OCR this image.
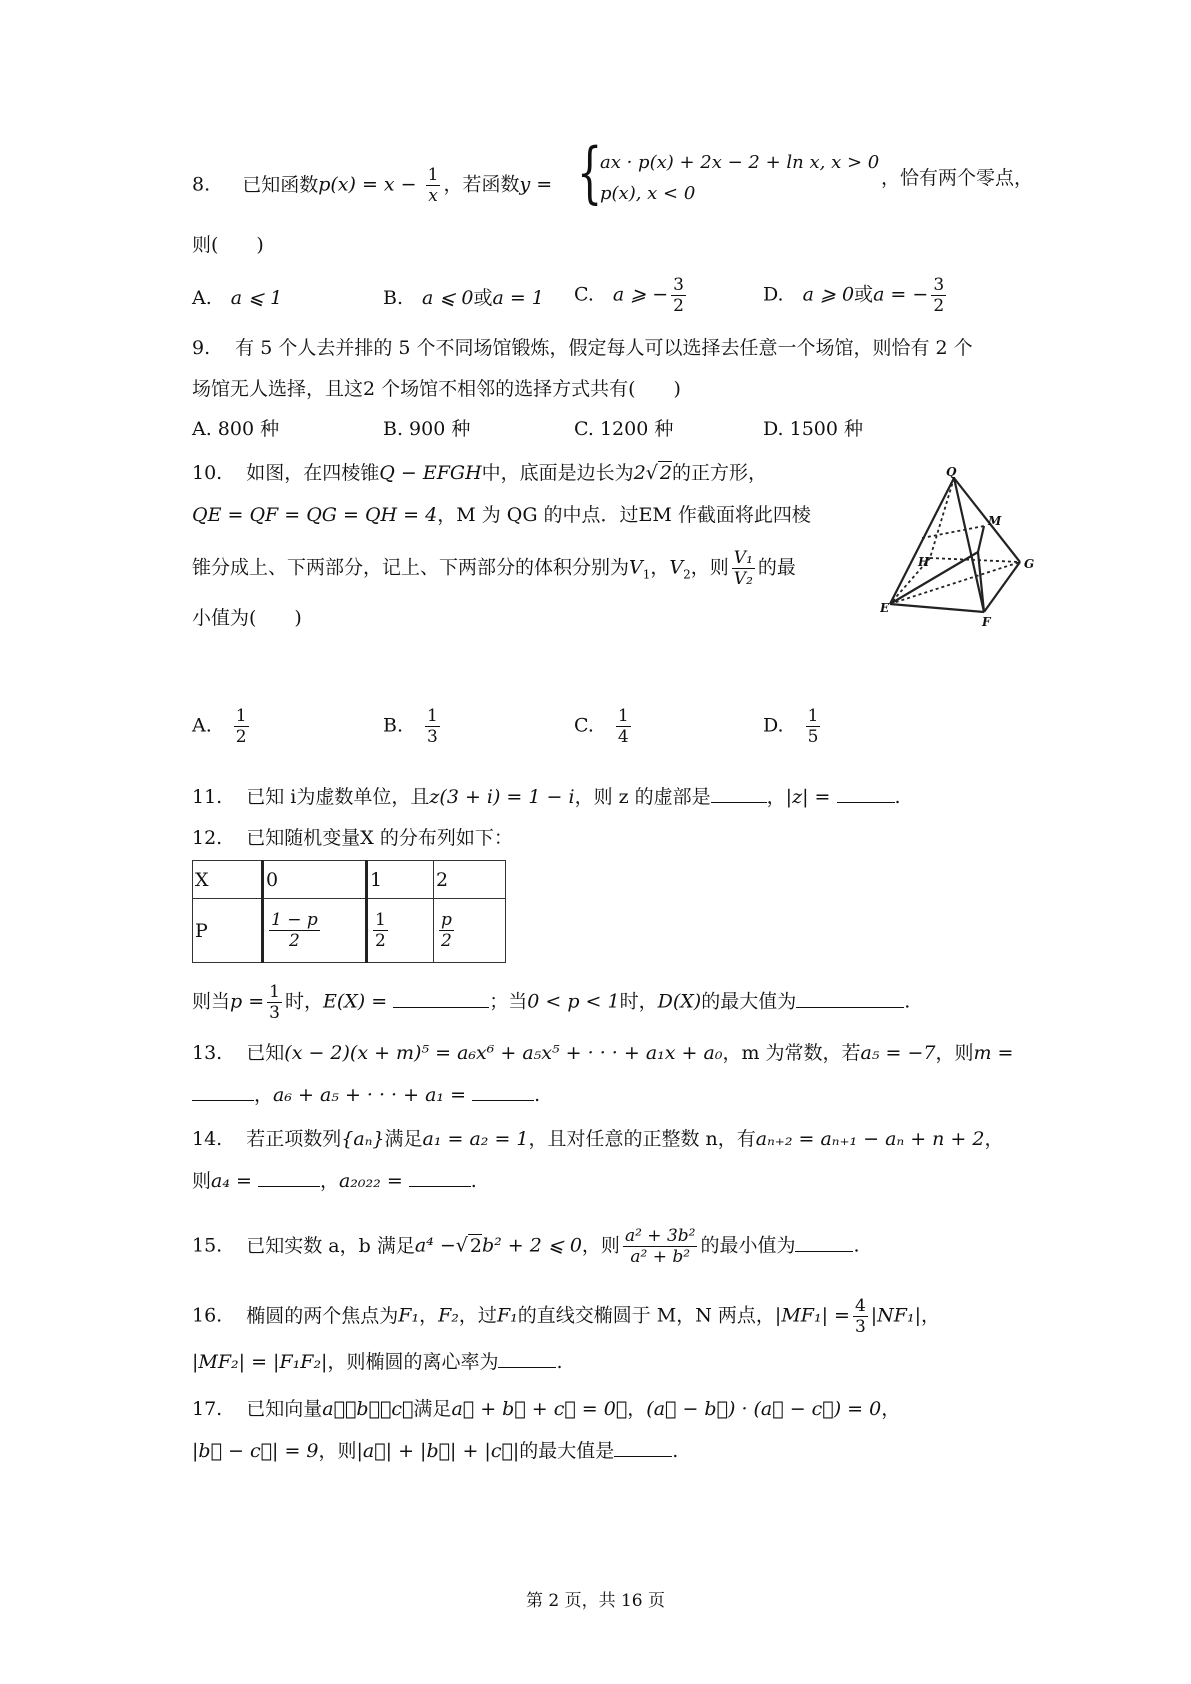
8. 已知函数$p(x) = x - \frac{1}{x}$ ，若函数y = {
ax · p(x) + 2x − 2 + ln x, x > 0
p(x), x < 0
，恰有两个零点，
则(　　)
A.　 a ⩽ 1	B.　 a ⩽ 0或a = 1 C.　 a ⩾ − $\frac{3}{2}$	D.　 a ⩾ 0或a = − $\frac{3}{2}$
9.　 有 5 个人去并排的 5 个不同场馆锻炼，假定每人可以选择去任意一个场馆，则恰有 2 个
场馆无人选择，且这2 个场馆不相邻的选择方式共有(　　)
A. 800 种	B. 900 种	C. 1200 种	D. 1500 种
10. 如图，在四棱锥Q − EFGH中，底面是边长为2√ 2的正方形，
QE = QF = QG = QH = 4，M 为 QG 的中点．过EM 作截面将此四棱
锥分成上、下两部分，记上、下两部分的体积分别为$V_1$，$V_2$，则 $\frac{\text{V₁}}{\text{V₂}}$ 的最
小值为(　　)
Q
M
H	G
E
F
A.　 $\frac{1}{2}$	B.　 $\frac{1}{3}$	C.　 $\frac{1}{4}$	D.　 $\frac{1}{5}$
11. 已知 i为虚数单位，且z(3 + i) = 1 − i，则 z 的虚部是	，|z| =	.
12. 已知随机变量X 的分布列如下：
X	0	1	2
P	$\frac{1 - p}{2}$	$\frac{1}{2}$	$\frac{p}{2}$
则当$p = \frac{1}{3}$ 时，E(X) =	；当0 < p < 1时，D(X)的最大值为	.
13. 已知(x − 2)(x + m)⁵ = a₆x⁶ + a₅x⁵ + · · · + a₁x + a₀，m 为常数，若a₅ = −7，则m =
，a₆ + a₅ + · · · + a₁ =	.
14. 若正项数列{aₙ}满足a₁ = a₂ = 1，且对任意的正整数 n，有aₙ₊₂ = aₙ₊₁ − aₙ + n + 2，
则a₄ =	，a₂₀₂₂ =	.
15. 已知实数 a，b 满足a⁴ −√ 2b² + 2 ⩽ 0，则 $\frac{\text{a² + 3b²}}{\text{a² + b²}}$ 的最小值为	.
16. 椭圆的两个焦点为F₁，F₂，过F₁的直线交椭圆于 M，N 两点，$|MF_1| = \frac{4}{3} |NF_1|$，
|MF₂| = |F₁F₂|，则椭圆的离心率为	.
17. 已知向量a⃗，b⃗，c⃗满足a⃗ + b⃗ + c⃗ = 0⃗，(a⃗ − b⃗) · (a⃗ − c⃗) = 0，
|b⃗ − c⃗| = 9，则|a⃗| + |b⃗| + |c⃗|的最大值是	.
第 2 页，共 16 页
